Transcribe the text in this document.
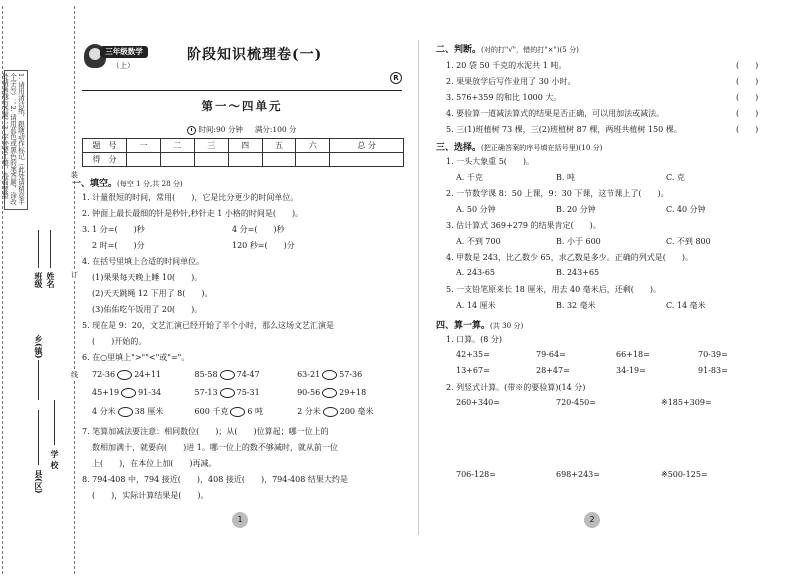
1. 请用清洁纸，跟随动作标记（此处请留意半个字号）；2. 请用蓝色或黑色的笔答题，涂改处请画线后答题；3. 字迹要工整，卷面要整
班级 姓名
县(区)
乡(镇)
学 校
装
订
线
三年级数学
（上）
阶段知识梳理卷(一)
R
第一～四单元
时间:90 分钟 满分:100 分
题　号	一	二	三	四	五	六	总 分
得　分							
一、填空。(每空 1 分,共 28 分)
1. 计量很短的时间，常用(　　)，它是比分更少的时间单位。
2. 钟面上最长最细的针是秒针,秒针走 1 小格的时间是(　　)。
3. 1 分=(　　)秒	4 分=(　　)秒
2 时=(　　)分	120 秒=(　　)分
4. 在括号里填上合适的时间单位。
(1)果果每天晚上睡 10(　　)。
(2)天天跳绳 12 下用了 8(　　)。
(3)佑佑吃午饭用了 20(　　)。
5. 现在是 9：20，文艺汇演已经开始了半个小时，那么这场文艺汇演是
(　　)开始的。
6. 在○里填上">""<"或"="。
72-36 24+11	85-58 74-47	63-21 57-36
45+19 91-34	57-13 75-31	90-56 29+18
4 分米 38 厘米	600 千克 6 吨	2 分米 200 毫米
7. 笔算加减法要注意：相同数位(　　)；从(　　)位算起；哪一位上的
数相加满十，就要向(　　)进 1。哪一位上的数不够减时，就从前一位
上(　　)，在本位上加(　　)再减。
8. 794-408 中，794 接近(　　)，408 接近(　　)，794-408 结果大约是
(　　)，实际计算结果是(　　)。
1
二、判断。(对的打"√"，错的打"×")(5 分)
1. 20 袋 50 千克的水泥共 1 吨。	(　　)
2. 果果放学后写作业用了 30 小时。	(　　)
3. 576+359 的和比 1000 大。	(　　)
4. 要验算一道减法算式的结果是否正确，可以用加法或减法。	(　　)
5. 三(1)班植树 73 棵，三(2)班植树 87 棵，两班共植树 150 棵。	(　　)
三、选择。(把正确答案的序号填在括号里)(10 分)
1. 一头大象重 5(　　)。
A. 千克	B. 吨	C. 克
2. 一节数学课 8：50 上课，9：30 下课，这节课上了(　　)。
A. 50 分钟	B. 20 分钟	C. 40 分钟
3. 估计算式 369+279 的结果肯定(　　)。
A. 不到 700	B. 小于 600	C. 不到 800
4. 甲数是 243，比乙数少 65，求乙数是多少。正确的列式是(　　)。
A. 243-65	B. 243+65
5. 一支铅笔原来长 18 厘米，用去 40 毫米后，还剩(　　)。
A. 14 厘米	B. 32 毫米	C. 14 毫米
四、算一算。(共 30 分)
1. 口算。(8 分)
42+35=	79-64=	66+18=	70-39=
13+67=	28+47=	34-19=	91-83=
2. 列竖式计算。(带※的要验算)(14 分)
260+340=	720-450=	※185+309=
706-128=	698+243=	※500-125=
2
